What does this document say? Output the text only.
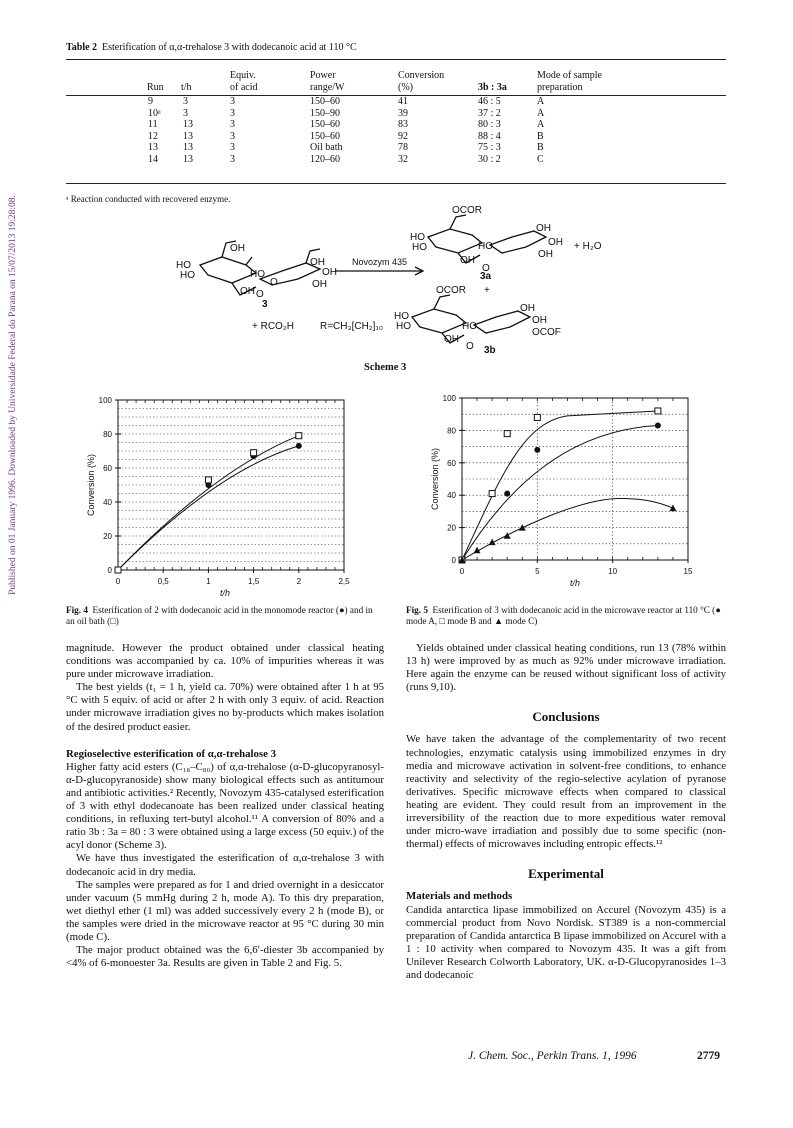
Published on 01 January 1996. Downloaded by Universidade Federal do Parana on 15/07/2013 19:28:08.
Table 2 Esterification of α,α-trehalose 3 with dodecanoic acid at 110 °C
		Equiv.	Power	Conversion		Mode of sample
Run	t/h	of acid	range/W	(%)	3b : 3a	preparation
9	3	3	150–60	41	46 : 5	A
10ᵃ	3	3	150–90	39	37 : 2	A
11	13	3	150–60	83	80 : 3	A
12	13	3	150–60	92	88 : 4	B
13	13	3	Oil bath	78	75 : 3	B
14	13	3	120–60	32	30 : 2	C
ᵃ Reaction conducted with recovered enzyme.
OH
HO
HO	HO
OH
O
O
OH
OH
OH
3
+ RCO₂H	R=CH₃[CH₂]₁₀
Novozym 435
OCOR
HO
HO	HO
OH
O
OH
OH
OH
+ H₂O
3a
+
OCOR
HO
HO	HO
OH
O
OH
OH
OCOF
3b
Scheme 3
0
20
40
60
80
100
0	0,5	1	1,5	2	2,5
t/h
Conversion (%)
0
20
40
60
80
100
0	5	10	15
t/h
Conversion (%)
Fig. 4 Esterification of 2 with dodecanoic acid in the monomode reactor (●) and in an oil bath (□)
Fig. 5 Esterification of 3 with dodecanoic acid in the microwave reactor at 110 °C (● mode A, □ mode B and ▲ mode C)

magnitude. However the product obtained under classical heating conditions was accompanied by ca. 10% of impurities whereas it was pure under microwave irradiation.

The best yields (t₁ = 1 h, yield ca. 70%) were obtained after 1 h at 95 °C with 5 equiv. of acid or after 2 h with only 3 equiv. of acid. Reaction under microwave irradiation gives no by-products which makes isolation of the desired product easier.

Regioselective esterification of α,α-trehalose 3

Higher fatty acid esters (C₁₈–C₈₀) of α,α-trehalose (α-D-glucopyranosyl-α-D-glucopyranoside) show many biological effects such as antitumour and antibiotic activities.² Recently, Novozym 435-catalysed esterification of 3 with ethyl dodecanoate has been realized under classical heating conditions, in refluxing tert-butyl alcohol.¹¹ A conversion of 80% and a ratio 3b : 3a = 80 : 3 were obtained using a large excess (50 equiv.) of the acyl donor (Scheme 3).

We have thus investigated the esterification of α,α-trehalose 3 with dodecanoic acid in dry media.

The samples were prepared as for 1 and dried overnight in a desiccator under vacuum (5 mmHg during 2 h, mode A). To this dry preparation, wet diethyl ether (1 ml) was added successively every 2 h (mode B), or the samples were dried in the microwave reactor at 95 °C during 30 min (mode C).

The major product obtained was the 6,6′-diester 3b accompanied by <4% of 6-monoester 3a. Results are given in Table 2 and Fig. 5.

Yields obtained under classical heating conditions, run 13 (78% within 13 h) were improved by as much as 92% under microwave irradiation. Here again the enzyme can be reused without significant loss of activity (runs 9,10).

Conclusions

We have taken the advantage of the complementarity of two recent technologies, enzymatic catalysis using immobilized enzymes in dry media and microwave activation in solvent-free conditions, to enhance reactivity and selectivity of the regio-selective acylation of pyranose derivatives. Specific microwave effects when compared to classical heating are evident. They could result from an improvement in the irreversibility of the reaction due to more expeditious water removal under micro-wave irradiation and possibly due to some specific (non-thermal) effects of microwaves including entropic effects.¹²

Experimental

Materials and methods

Candida antarctica lipase immobilized on Accurel (Novozym 435) is a commercial product from Novo Nordisk. ST389 is a non-commercial preparation of Candida antarctica B lipase immobilized on Accurel with a 1 : 10 activity when compared to Novozym 435. It was a gift from Unilever Research Colworth Laboratory, UK. α-D-Glucopyranosides 1–3 and dodecanoic

J. Chem. Soc., Perkin Trans. 1, 1996	2779
